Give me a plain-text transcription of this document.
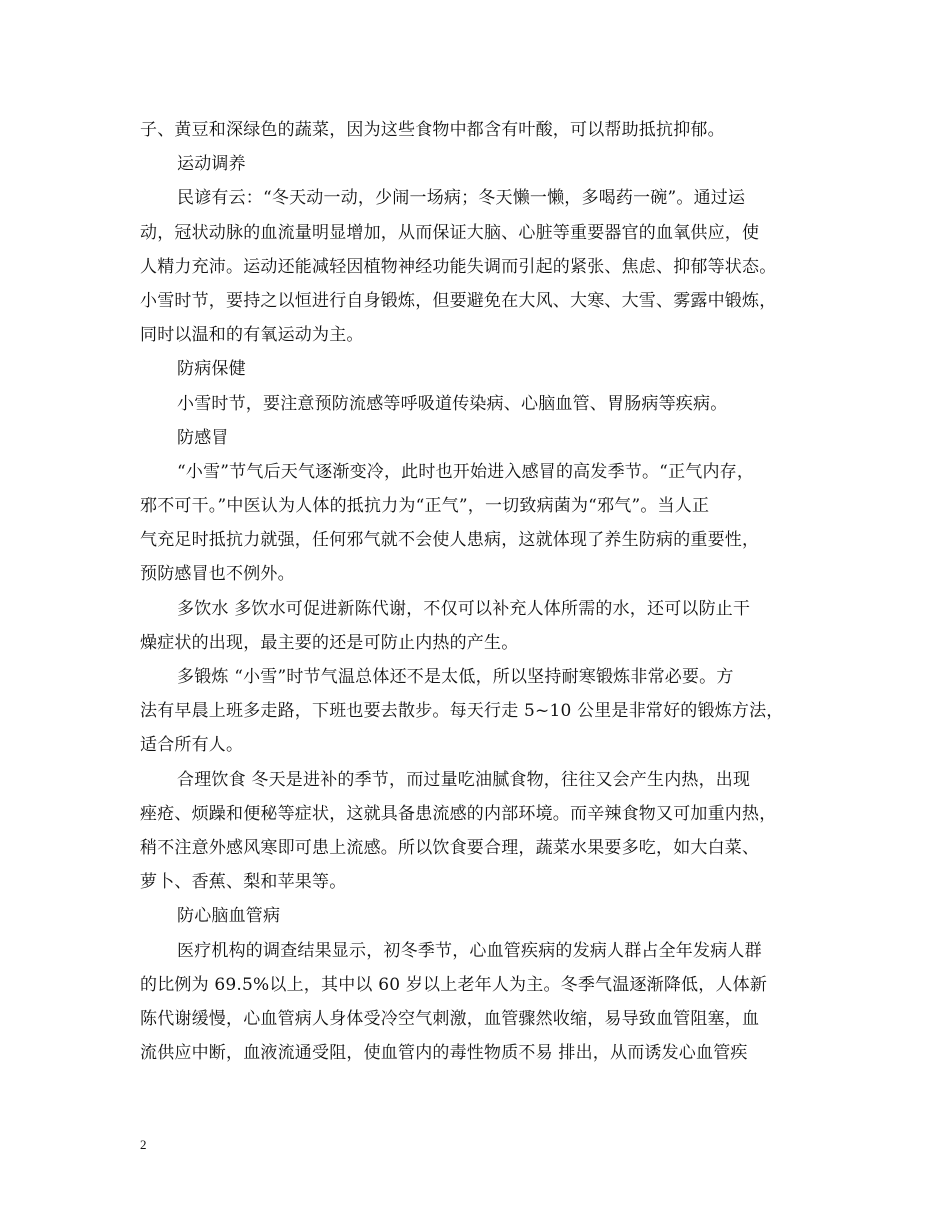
子、黄豆和深绿色的蔬菜，因为这些食物中都含有叶酸，可以帮助抵抗抑郁。
运动调养
民谚有云：“冬天动一动，少闹一场病；冬天懒一懒，多喝药一碗”。通过运
动，冠状动脉的血流量明显增加，从而保证大脑、心脏等重要器官的血氧供应，使
人精力充沛。运动还能减轻因植物神经功能失调而引起的紧张、焦虑、抑郁等状态。
小雪时节，要持之以恒进行自身锻炼，但要避免在大风、大寒、大雪、雾露中锻炼，
同时以温和的有氧运动为主。
防病保健
小雪时节，要注意预防流感等呼吸道传染病、心脑血管、胃肠病等疾病。
防感冒
“小雪”节气后天气逐渐变冷，此时也开始进入感冒的高发季节。“正气内存，
邪不可干。”中医认为人体的抵抗力为“正气”，一切致病菌为“邪气”。当人正
气充足时抵抗力就强，任何邪气就不会使人患病，这就体现了养生防病的重要性，
预防感冒也不例外。
多饮水 多饮水可促进新陈代谢，不仅可以补充人体所需的水，还可以防止干
燥症状的出现，最主要的还是可防止内热的产生。
多锻炼 “小雪”时节气温总体还不是太低，所以坚持耐寒锻炼非常必要。方
法有早晨上班多走路，下班也要去散步。每天行走 5~10 公里是非常好的锻炼方法，
适合所有人。
合理饮食 冬天是进补的季节，而过量吃油腻食物，往往又会产生内热，出现
痤疮、烦躁和便秘等症状，这就具备患流感的内部环境。而辛辣食物又可加重内热，
稍不注意外感风寒即可患上流感。所以饮食要合理，蔬菜水果要多吃，如大白菜、
萝卜、香蕉、梨和苹果等。
防心脑血管病
医疗机构的调查结果显示，初冬季节，心血管疾病的发病人群占全年发病人群
的比例为 69.5%以上，其中以 60 岁以上老年人为主。冬季气温逐渐降低，人体新
陈代谢缓慢，心血管病人身体受冷空气刺激，血管骤然收缩，易导致血管阻塞，血
流供应中断，血液流通受阻，使血管内的毒性物质不易 排出，从而诱发心血管疾
2
